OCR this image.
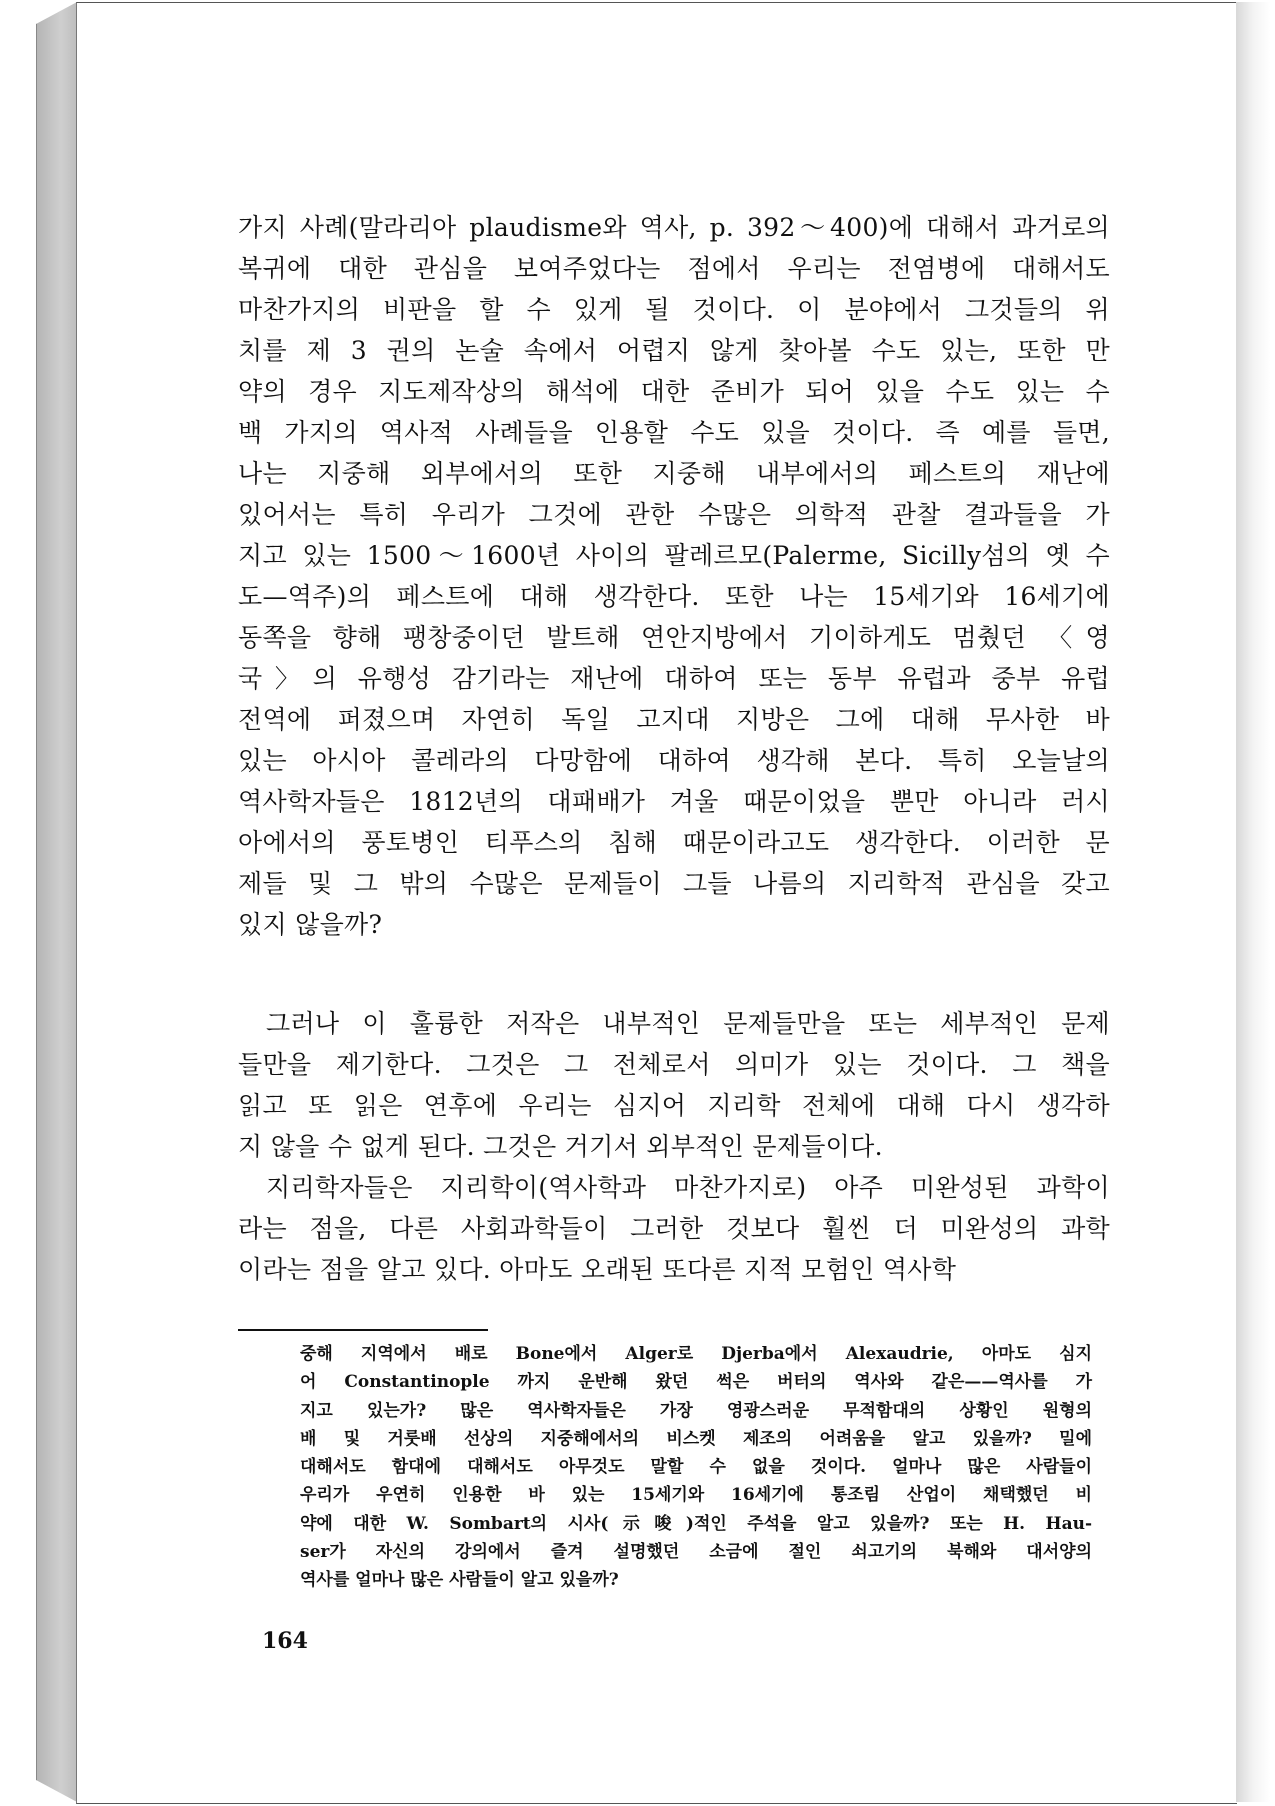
가지 사례(말라리아 plaudisme와 역사, p. 392～400)에 대해서 과거로의
복귀에 대한 관심을 보여주었다는 점에서 우리는 전염병에 대해서도
마찬가지의 비판을 할 수 있게 될 것이다. 이 분야에서 그것들의 위
치를 제 3 권의 논술 속에서 어렵지 않게 찾아볼 수도 있는, 또한 만
약의 경우 지도제작상의 해석에 대한 준비가 되어 있을 수도 있는 수
백 가지의 역사적 사례들을 인용할 수도 있을 것이다. 즉 예를 들면,
나는 지중해 외부에서의 또한 지중해 내부에서의 페스트의 재난에
있어서는 특히 우리가 그것에 관한 수많은 의학적 관찰 결과들을 가
지고 있는 1500～1600년 사이의 팔레르모(Palerme, Sicilly섬의 옛 수
도—역주)의 페스트에 대해 생각한다. 또한 나는 15세기와 16세기에
동쪽을 향해 팽창중이던 발트해 연안지방에서 기이하게도 멈췄던 〈영
국〉의 유행성 감기라는 재난에 대하여 또는 동부 유럽과 중부 유럽
전역에 퍼졌으며 자연히 독일 고지대 지방은 그에 대해 무사한 바
있는 아시아 콜레라의 다망함에 대하여 생각해 본다. 특히 오늘날의
역사학자들은 1812년의 대패배가 겨울 때문이었을 뿐만 아니라 러시
아에서의 풍토병인 티푸스의 침해 때문이라고도 생각한다. 이러한 문
제들 및 그 밖의 수많은 문제들이 그들 나름의 지리학적 관심을 갖고
있지 않을까?
그러나 이 훌륭한 저작은 내부적인 문제들만을 또는 세부적인 문제
들만을 제기한다. 그것은 그 전체로서 의미가 있는 것이다. 그 책을
읽고 또 읽은 연후에 우리는 심지어 지리학 전체에 대해 다시 생각하
지 않을 수 없게 된다. 그것은 거기서 외부적인 문제들이다.
지리학자들은 지리학이(역사학과 마찬가지로) 아주 미완성된 과학이
라는 점을, 다른 사회과학들이 그러한 것보다 훨씬 더 미완성의 과학
이라는 점을 알고 있다. 아마도 오래된 또다른 지적 모험인 역사학
중해 지역에서 배로 Bone에서 Alger로 Djerba에서 Alexaudrie, 아마도 심지
어 Constantinople 까지 운반해 왔던 썩은 버터의 역사와 같은——역사를 가
지고 있는가? 많은 역사학자들은 가장 영광스러운 무적함대의 상황인 원형의
배 및 거룻배 선상의 지중해에서의 비스켓 제조의 어려움을 알고 있을까? 밀에
대해서도 함대에 대해서도 아무것도 말할 수 없을 것이다. 얼마나 많은 사람들이
우리가 우연히 인용한 바 있는 15세기와 16세기에 통조림 산업이 채택했던 비
약에 대한 W. Sombart의 시사(示唆)적인 주석을 알고 있을까? 또는 H. Hau-
ser가 자신의 강의에서 즐겨 설명했던 소금에 절인 쇠고기의 북해와 대서양의
역사를 얼마나 많은 사람들이 알고 있을까?
164
